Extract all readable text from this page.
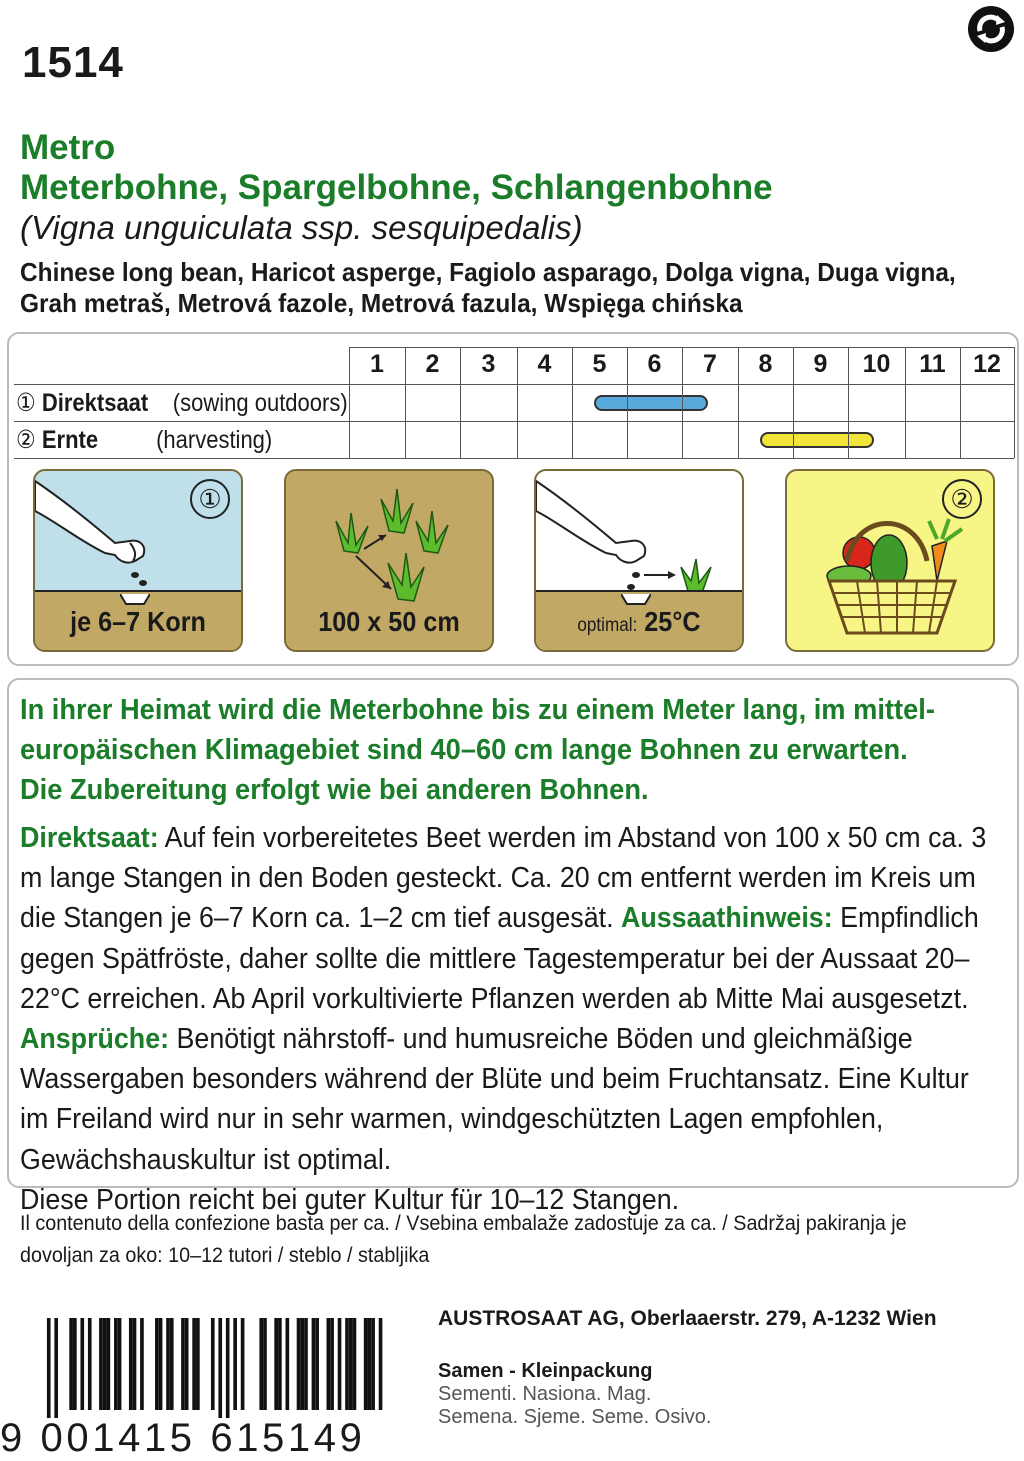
1514
Metro
Meterbohne, Spargelbohne, Schlangenbohne
(Vigna unguiculata ssp. sesquipedalis)
Chinese long bean, Haricot asperge, Fagiolo asparago, Dolga vigna, Duga vigna,
Grah metraš, Metrová fazole, Metrová fazula, Wspięga chińska
1	2	3	4	5	6	7	8	9	10	11	12
① Direktsaat (sowing outdoors)
② Ernte (harvesting)
①
je 6–7 Korn	100 x 50 cm	optimal: 25°C
②
In ihrer Heimat wird die Meterbohne bis zu einem Meter lang, im mitteleuropäischen Klimagebiet sind 40–60 cm lange Bohnen zu erwarten. Die Zubereitung erfolgt wie bei anderen Bohnen.
Direktsaat: Auf fein vorbereitetes Beet werden im Abstand von 100 x 50 cm ca. 3 m lange Stangen in den Boden gesteckt. Ca. 20 cm entfernt werden im Kreis um die Stangen je 6–7 Korn ca. 1–2 cm tief ausgesät. Aussaathinweis: Empfindlich gegen Spätfröste, daher sollte die mittlere Tagestemperatur bei der Aussaat 20–22°C erreichen. Ab April vorkultivierte Pflanzen werden ab Mitte Mai ausgesetzt. Ansprüche: Benötigt nährstoff- und humusreiche Böden und gleichmäßige Wassergaben besonders während der Blüte und beim Fruchtansatz. Eine Kultur im Freiland wird nur in sehr warmen, windgeschützten Lagen empfohlen, Gewächshauskultur ist optimal.
Diese Portion reicht bei guter Kultur für 10–12 Stangen.
Il contenuto della confezione basta per ca. / Vsebina embalaže zadostuje za ca. / Sadržaj pakiranja je dovoljan za oko: 10–12 tutori / steblo / stabljika
9 001415 615149
AUSTROSAAT AG, Oberlaaerstr. 279, A-1232 Wien
Samen - Kleinpackung
Sementi. Nasiona. Mag.
Semena. Sjeme. Seme. Osivo.
